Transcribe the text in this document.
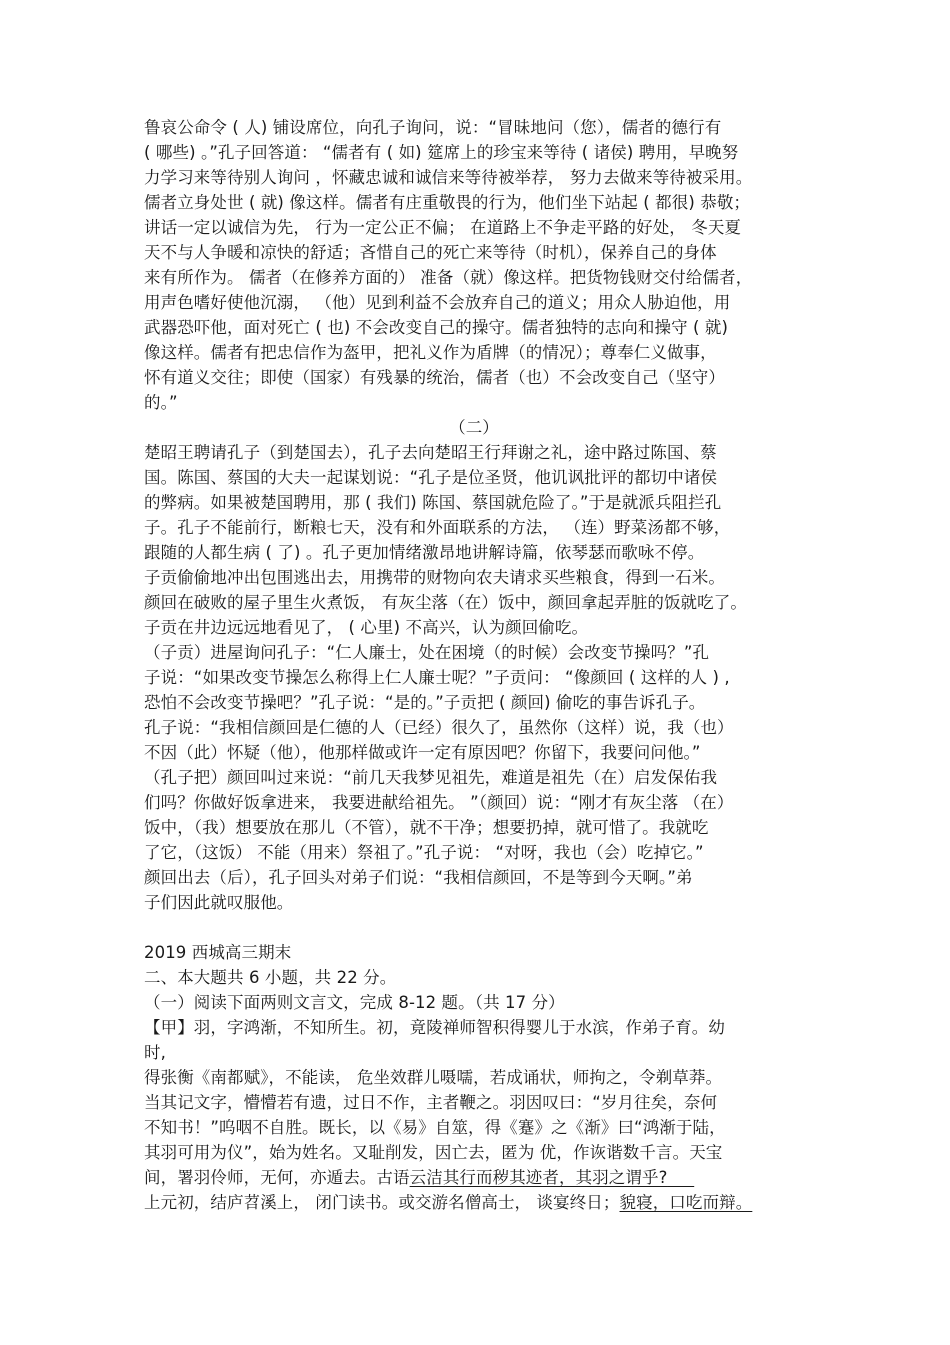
鲁哀公命令 ( 人) 铺设席位，向孔子询问，说：“冒昧地问（您），儒者的德行有
( 哪些) 。”孔子回答道： “儒者有 ( 如) 筵席上的珍宝来等待 ( 诸侯) 聘用，早晚努
力学习来等待别人询问 ，怀藏忠诚和诚信来等待被举荐， 努力去做来等待被采用。
儒者立身处世 ( 就) 像这样。儒者有庄重敬畏的行为，他们坐下站起 ( 都很) 恭敬；
讲话一定以诚信为先， 行为一定公正不偏； 在道路上不争走平路的好处， 冬天夏
天不与人争暖和凉快的舒适；吝惜自己的死亡来等待（时机），保养自己的身体
来有所作为。 儒者（在修养方面的） 准备（就）像这样。把货物钱财交付给儒者，
用声色嗜好使他沉溺， （他）见到利益不会放弃自己的道义；用众人胁迫他，用
武器恐吓他，面对死亡 ( 也) 不会改变自己的操守。儒者独特的志向和操守 ( 就)
像这样。儒者有把忠信作为盔甲，把礼义作为盾牌（的情况）；尊奉仁义做事，
怀有道义交往；即使（国家）有残暴的统治，儒者（也）不会改变自己（坚守）
的。”
（二）
楚昭王聘请孔子（到楚国去），孔子去向楚昭王行拜谢之礼，途中路过陈国、蔡
国。陈国、蔡国的大夫一起谋划说：“孔子是位圣贤，他讥讽批评的都切中诸侯
的弊病。如果被楚国聘用，那 ( 我们) 陈国、蔡国就危险了。”于是就派兵阻拦孔
子。孔子不能前行，断粮七天，没有和外面联系的方法， （连）野菜汤都不够，
跟随的人都生病 ( 了) 。孔子更加情绪激昂地讲解诗篇，依琴瑟而歌咏不停。
子贡偷偷地冲出包围逃出去，用携带的财物向农夫请求买些粮食，得到一石米。
颜回在破败的屋子里生火煮饭， 有灰尘落（在）饭中，颜回拿起弄脏的饭就吃了。
子贡在井边远远地看见了， ( 心里) 不高兴，认为颜回偷吃。
（子贡）进屋询问孔子：“仁人廉士，处在困境（的时候）会改变节操吗？”孔
子说：“如果改变节操怎么称得上仁人廉士呢？”子贡问： “像颜回 ( 这样的人 ) ,
恐怕不会改变节操吧？”孔子说：“是的。”子贡把 ( 颜回) 偷吃的事告诉孔子。
孔子说：“我相信颜回是仁德的人（已经）很久了，虽然你（这样）说，我（也）
不因（此）怀疑（他），他那样做或许一定有原因吧？你留下，我要问问他。”
（孔子把）颜回叫过来说：“前几天我梦见祖先，难道是祖先（在）启发保佑我
们吗？你做好饭拿进来， 我要进献给祖先。 ”（颜回）说：“刚才有灰尘落 （在）
饭中，（我）想要放在那儿（不管），就不干净；想要扔掉，就可惜了。我就吃
了它，（这饭） 不能（用来）祭祖了。”孔子说： “对呀，我也（会）吃掉它。”
颜回出去（后），孔子回头对弟子们说：“我相信颜回，不是等到今天啊。”弟
子们因此就叹服他。
2019 西城高三期末
二、本大题共 6 小题，共 22 分。
（一）阅读下面两则文言文，完成 8-12 题。（共 17 分）
【甲】羽，字鸿渐，不知所生。初，竟陵禅师智积得婴儿于水滨，作弟子育。幼
时,
得张衡《南都赋》，不能读， 危坐效群儿嗫嚅，若成诵状，师拘之，令剃草莽。
当其记文字，懵懵若有遗，过日不作，主者鞭之。羽因叹曰：“岁月往矣，奈何
不知书！”呜咽不自胜。既长，以《易》自筮，得《蹇》之《渐》曰“鸿渐于陆，
其羽可用为仪”，始为姓名。又耻削发，因亡去，匿为 优，作诙谐数千言。天宝
间，署羽伶师，无何，亦遁去。古语云洁其行而秽其迹者，其羽之谓乎?
上元初，结庐苕溪上， 闭门读书。或交游名僧高士， 谈宴终日；貌寝，口吃而辩。
